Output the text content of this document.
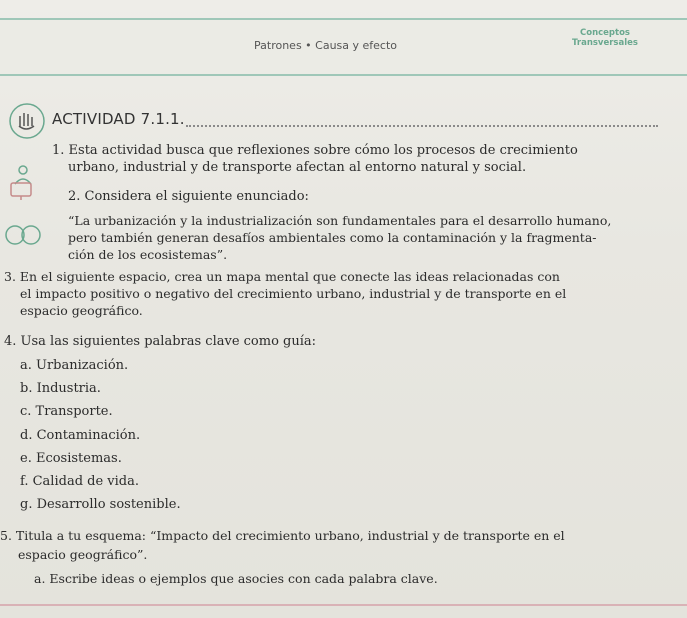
Patrones • Causa y efecto
Conceptos
Transversales
ACTIVIDAD 7.1.1.
1. Esta actividad busca que reflexiones sobre cómo los procesos de crecimiento
urbano, industrial y de transporte afectan al entorno natural y social.
2. Considera el siguiente enunciado:
“La urbanización y la industrialización son fundamentales para el desarrollo humano,
pero también generan desafíos ambientales como la contaminación y la fragmenta-
ción de los ecosistemas”.
3. En el siguiente espacio, crea un mapa mental que conecte las ideas relacionadas con
el impacto positivo o negativo del crecimiento urbano, industrial y de transporte en el
espacio geográfico.
4. Usa las siguientes palabras clave como guía:
a. Urbanización.
b. Industria.
c. Transporte.
d. Contaminación.
e. Ecosistemas.
f. Calidad de vida.
g. Desarrollo sostenible.
5. Titula a tu esquema: “Impacto del crecimiento urbano, industrial y de transporte en el
espacio geográfico”.
a. Escribe ideas o ejemplos que asocies con cada palabra clave.
